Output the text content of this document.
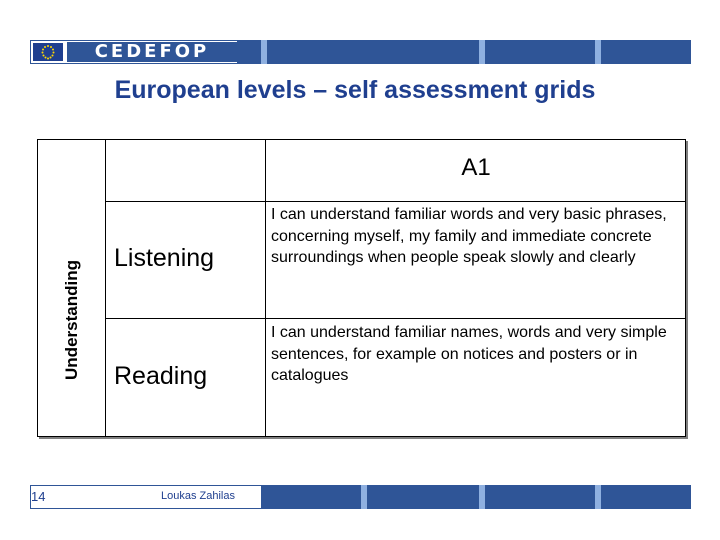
CEDEFOP
European levels – self assessment grids
A1
Understanding
Listening
I can understand familiar words and very basic phrases, concerning myself, my family and immediate concrete surroundings when people speak slowly and clearly
Reading
I can understand familiar names, words and very simple sentences, for example on notices and posters or in catalogues
14	Loukas Zahilas
